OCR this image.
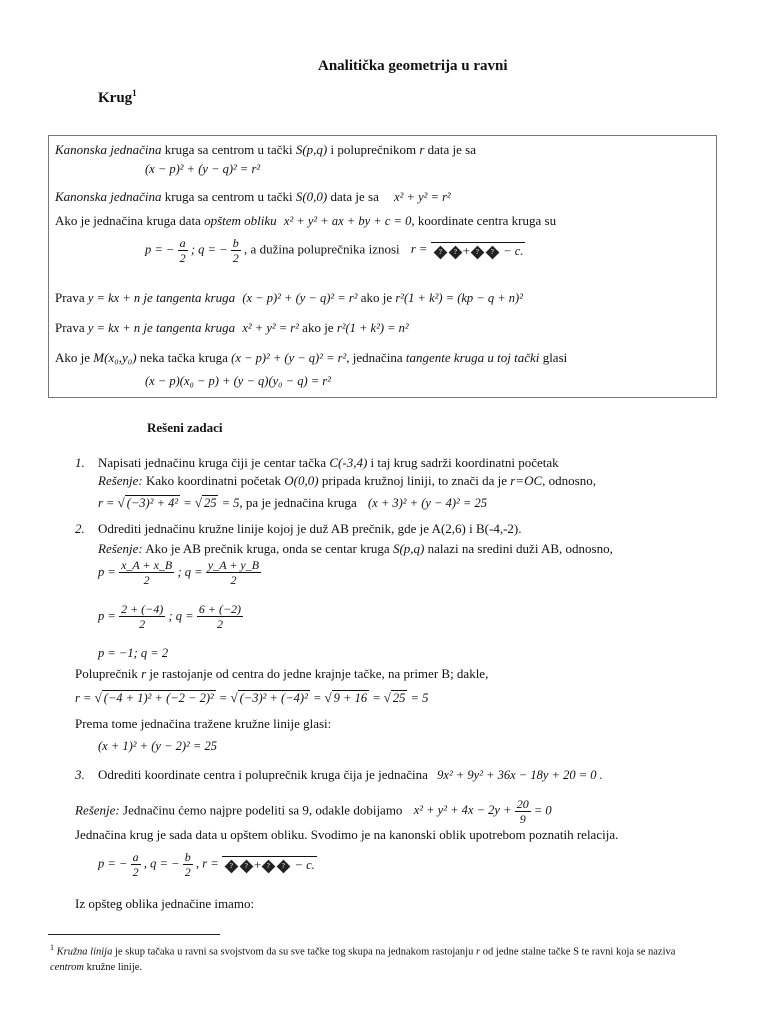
Analitička geometrija u ravni
Krug$^1$
Kanonska jednačina kruga sa centrom u tački S(p,q) i poluprečnikom r data je sa
(x − p)² + (y − q)² = r²
Kanonska jednačina kruga sa centrom u tački S(0,0) data je sa x² + y² = r²
Ako je jednačina kruga data opštem obliku x² + y² + ax + by + c = 0, koordinate centra kruga su
p = − $\frac{a}{2}$ ; q = − $\frac{b}{2}$ , a dužina poluprečnika iznosi r = ? ? + ? ? − c.
Prava y = kx + n je tangenta kruga (x − p)² + (y − q)² = r² ako je r²(1 + k²) = (kp − q + n)²
Prava y = kx + n je tangenta kruga x² + y² = r² ako je r²(1 + k²) = n²
Ako je M(x₀,y₀) neka tačka kruga (x − p)² + (y − q)² = r², jednačina tangente kruga u toj tački glasi
(x − p)(x₀ − p) + (y − q)(y₀ − q) = r²
Rešeni zadaci
1. Napisati jednačinu kruga čiji je centar tačka C(-3,4) i taj krug sadrži koordinatni početak
Rešenje: Kako koordinatni početak O(0,0) pripada kružnoj liniji, to znači da je r=OC, odnosno,
r = √ (−3)² + 4² = √ 25 = 5, pa je jednačina kruga (x + 3)² + (y − 4)² = 25
2. Odrediti jednačinu kružne linije kojoj je duž AB prečnik, gde je A(2,6) i B(-4,-2).
Rešenje: Ako je AB prečnik kruga, onda se centar kruga S(p,q) nalazi na sredini duži AB, odnosno,
$p = \frac{x\_A + x\_B}{2}$ ; $q = \frac{y\_A + y\_B}{2}$
$p = \frac{2 + (-4)}{2}$ ; $q = \frac{6 + (-2)}{2}$
p = −1; q = 2
Poluprečnik r je rastojanje od centra do jedne krajnje tačke, na primer B; dakle,
r = √ (−4 + 1)² + (−2 − 2)² = √ (−3)² + (−4)² = √ 9 + 16 = √ 25 = 5
Prema tome jednačina tražene kružne linije glasi:
(x + 1)² + (y − 2)² = 25
3. Odrediti koordinate centra i poluprečnik kruga čija je jednačina 9x² + 9y² + 36x − 18y + 20 = 0 .
Rešenje: Jednačinu ćemo najpre podeliti sa 9, odakle dobijamo $x^2 + y^2 + 4x - 2y + \frac{20}{9} = 0$
Jednačina krug je sada data u opštem obliku. Svodimo je na kanonski oblik upotrebom poznatih relacija.
p = − $\frac{a}{2}$ , q = − $\frac{b}{2}$ , r = ? ? + ? ? − c.
Iz opšteg oblika jednačine imamo:
$^1$ Kružna linija je skup tačaka u ravni sa svojstvom da su sve tačke tog skupa na jednakom rastojanju r od jedne stalne tačke S te ravni koja se naziva centrom kružne linije.
